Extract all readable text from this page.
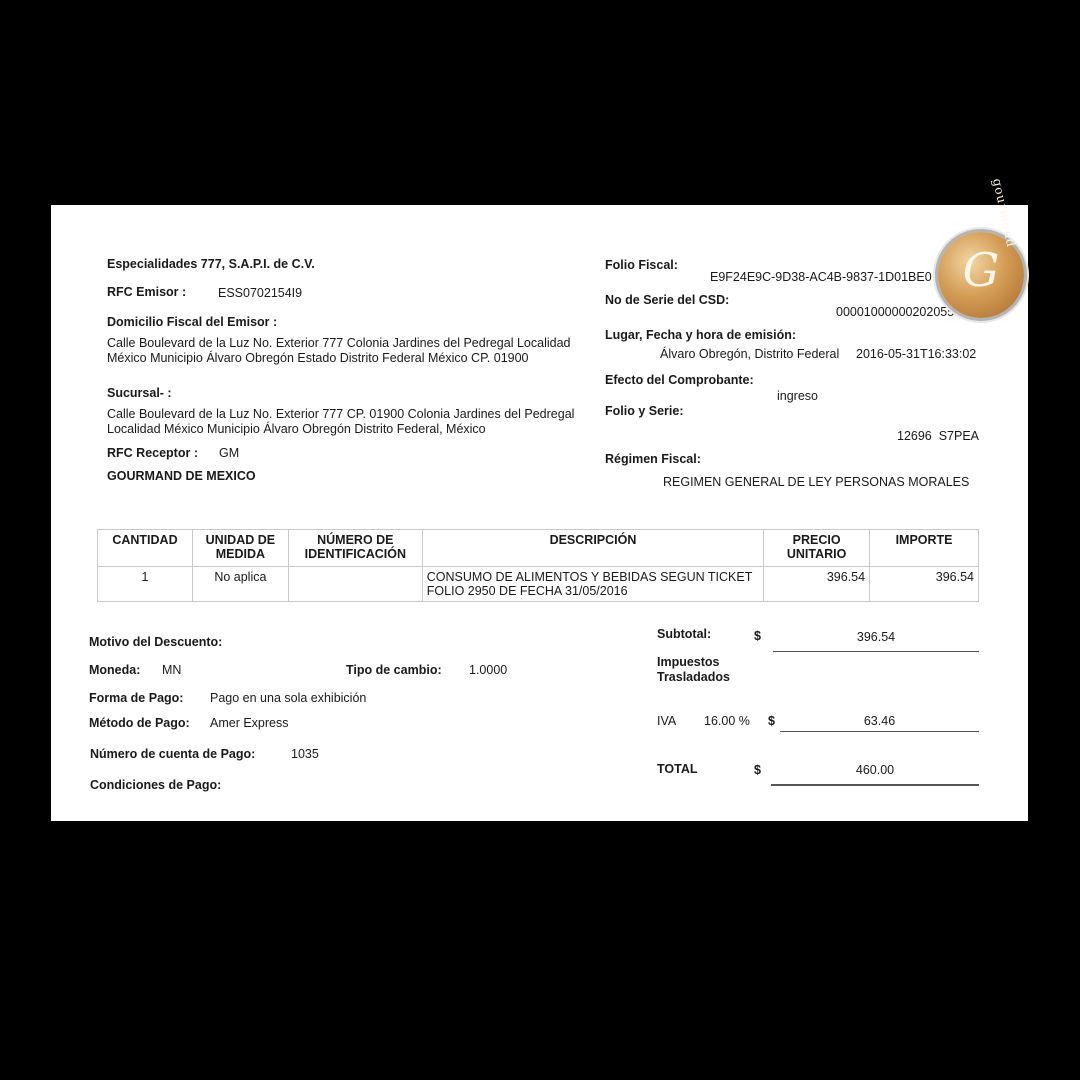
Especialidades 777, S.A.P.I. de C.V.
RFC Emisor :	ESS0702154I9
Domicilio Fiscal del Emisor :
Calle Boulevard de la Luz No. Exterior 777 Colonia Jardines del Pedregal Localidad México Municipio Álvaro Obregón Estado Distrito Federal México CP. 01900
Sucursal- :
Calle Boulevard de la Luz No. Exterior 777 CP. 01900 Colonia Jardines del Pedregal Localidad México Municipio Álvaro Obregón Distrito Federal, México
RFC Receptor : GM
GOURMAND DE MEXICO
Folio Fiscal:
E9F24E9C-9D38-AC4B-9837-1D01BE0
No de Serie del CSD:
00001000000202055
Lugar, Fecha y hora de emisión:
Álvaro Obregón, Distrito Federal 2016-05-31T16:33:02
Efecto del Comprobante:
ingreso
Folio y Serie:
12696  S7PEA
Régimen Fiscal:
REGIMEN GENERAL DE LEY PERSONAS MORALES
G
gourmand
CANTIDAD	UNIDAD DE MEDIDA	NÚMERO DE IDENTIFICACIÓN	DESCRIPCIÓN	PRECIO UNITARIO	IMPORTE
1	No aplica		CONSUMO DE ALIMENTOS Y BEBIDAS SEGUN TICKET FOLIO 2950 DE FECHA 31/05/2016	396.54	396.54
Motivo del Descuento:
Moneda: MN	Tipo de cambio: 1.0000
Forma de Pago: Pago en una sola exhibición
Método de Pago: Amer Express
Número de cuenta de Pago:	1035
Condiciones de Pago:
Subtotal:	$	396.54
Impuestos Trasladados
IVA 16.00 % $	63.46
TOTAL	$	460.00
